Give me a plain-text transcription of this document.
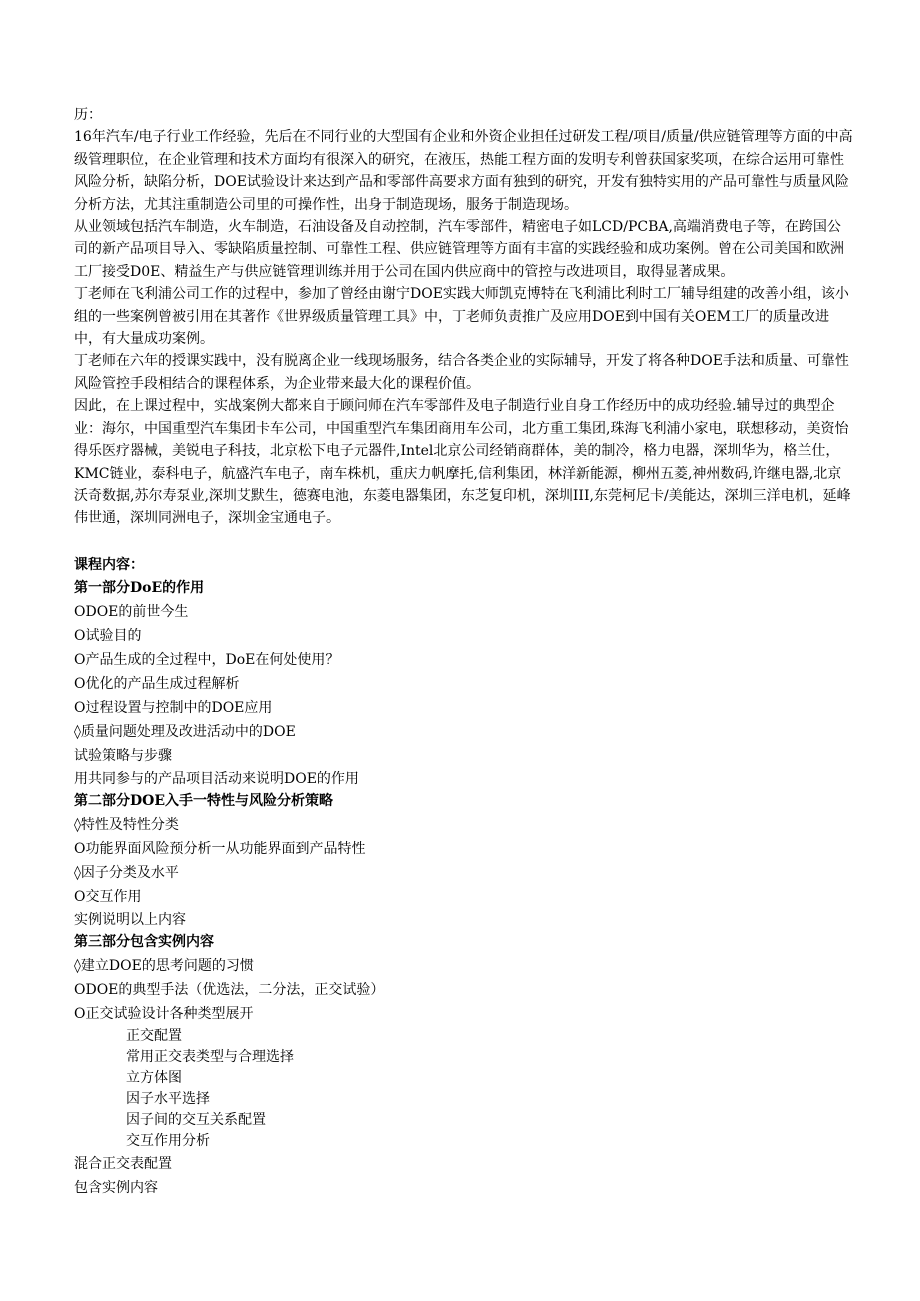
历：

16年汽车/电子行业工作经验，先后在不同行业的大型国有企业和外资企业担任过研发工程/项目/质量/供应链管理等方面的中高级管理职位，在企业管理和技术方面均有很深入的研究，在液压，热能工程方面的发明专利曾获国家奖项，在综合运用可靠性风险分析，缺陷分析，DOE试验设计来达到产品和零部件高要求方面有独到的研究，开发有独特实用的产品可靠性与质量风险分析方法，尤其注重制造公司里的可操作性，出身于制造现场，服务于制造现场。

从业领域包括汽车制造，火车制造，石油设备及自动控制，汽车零部件，精密电子如LCD/PCBA,高端消费电子等，在跨国公司的新产品项目导入、零缺陷质量控制、可靠性工程、供应链管理等方面有丰富的实践经验和成功案例。曾在公司美国和欧洲工厂接受D0E、精益生产与供应链管理训练并用于公司在国内供应商中的管控与改进项目，取得显著成果。

丁老师在飞利浦公司工作的过程中，参加了曾经由谢宁DOE实践大师凯克博特在飞利浦比利时工厂辅导组建的改善小组，该小组的一些案例曾被引用在其著作《世界级质量管理工具》中，丁老师负责推广及应用DOE到中国有关OEM工厂的质量改进中，有大量成功案例。

丁老师在六年的授课实践中，没有脱离企业一线现场服务，结合各类企业的实际辅导，开发了将各种DOE手法和质量、可靠性风险管控手段相结合的课程体系，为企业带来最大化的课程价值。

因此，在上课过程中，实战案例大都来自于顾问师在汽车零部件及电子制造行业自身工作经历中的成功经验.辅导过的典型企业：海尔，中国重型汽车集团卡车公司，中国重型汽车集团商用车公司，北方重工集团,珠海飞利浦小家电，联想移动，美资怡得乐医疗器械，美锐电子科技，北京松下电子元器件,Intel北京公司经销商群体，美的制冷，格力电器，深圳华为，格兰仕，KMC链业，泰科电子，航盛汽车电子，南车株机，重庆力帆摩托,信利集团，林洋新能源，柳州五菱,神州数码,许继电器,北京沃奇数据,苏尔寿泵业,深圳艾默生，德赛电池，东菱电器集团，东芝复印机，深圳III,东莞柯尼卡/美能达，深圳三洋电机，延峰伟世通，深圳同洲电子，深圳金宝通电子。

课程内容：
第一部分DoE的作用
ODOE的前世今生
O试验目的
O产品生成的全过程中，DoE在何处使用？
O优化的产品生成过程解析
O过程设置与控制中的DOE应用
◊质量问题处理及改进活动中的DOE
试验策略与步骤
用共同参与的产品项目活动来说明DOE的作用
第二部分DOE入手一特性与风险分析策略
◊特性及特性分类
O功能界面风险预分析一从功能界面到产品特性
◊因子分类及水平
O交互作用
实例说明以上内容
第三部分包含实例内容
◊建立DOE的思考问题的习惯
ODOE的典型手法（优选法，二分法，正交试验）
O正交试验设计各种类型展开
正交配置
常用正交表类型与合理选择
立方体图
因子水平选择
因子间的交互关系配置
交互作用分析
混合正交表配置
包含实例内容
